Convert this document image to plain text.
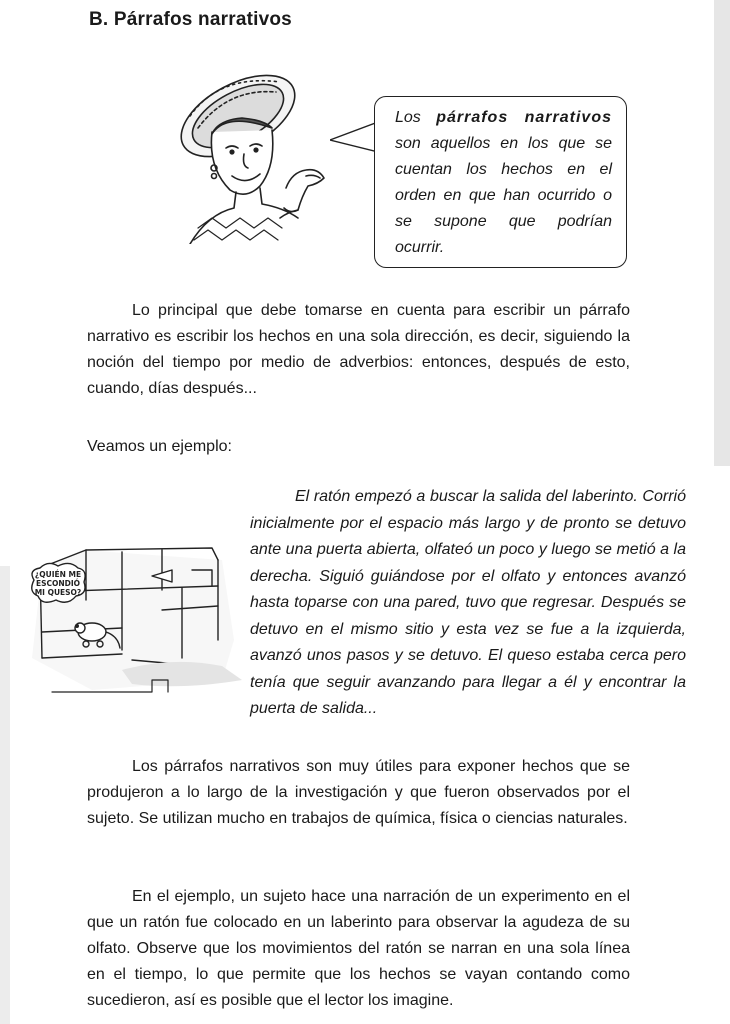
B. Párrafos narrativos
Los párrafos narrativos son aquellos en los que se cuentan los hechos en el orden en que han ocurrido o se supone que podrían ocurrir.

Lo principal que debe tomarse en cuenta para escribir un párrafo narrativo es escribir los hechos en una sola dirección, es decir, siguiendo la noción del tiempo por medio de adverbios: entonces, después de esto, cuando, días después...

Veamos un ejemplo:

¿QUIÉN ME
ESCONDIÓ
MI QUESO?

El ratón empezó a buscar la salida del laberinto. Corrió inicialmente por el espacio más largo y de pronto se detuvo ante una puerta abierta, olfateó un poco y luego se metió a la derecha. Siguió guiándose por el olfato y entonces avanzó hasta toparse con una pared, tuvo que regresar. Después se detuvo en el mismo sitio y esta vez se fue a la izquierda, avanzó unos pasos y se detuvo. El queso estaba cerca pero tenía que seguir avanzando para llegar a él y encontrar la puerta de salida...

Los párrafos narrativos son muy útiles para exponer hechos que se produjeron a lo largo de la investigación y que fueron observados por el sujeto. Se utilizan mucho en trabajos de química, física o ciencias naturales.

En el ejemplo, un sujeto hace una narración de un experimento en el que un ratón fue colocado en un laberinto para observar la agudeza de su olfato. Observe que los movimientos del ratón se narran en una sola línea en el tiempo, lo que permite que los hechos se vayan contando como sucedieron, así es posible que el lector los imagine.
